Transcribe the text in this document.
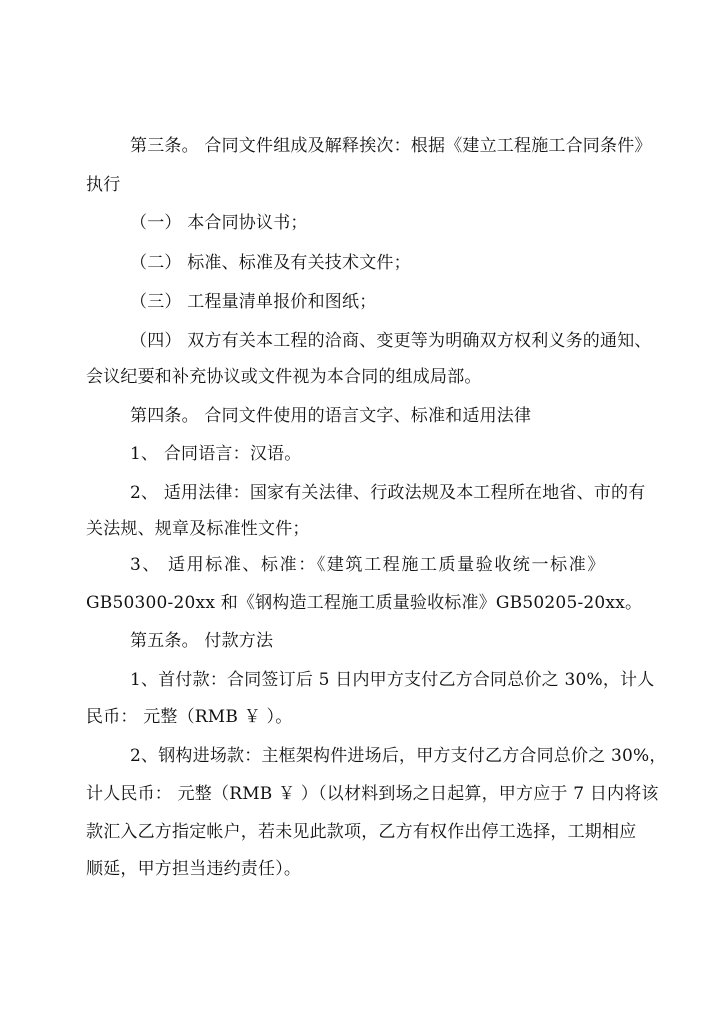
第三条。 合同文件组成及解释挨次：根据《建立工程施工合同条件》
执行
（一） 本合同协议书；
（二） 标准、标准及有关技术文件；
（三） 工程量清单报价和图纸；
（四） 双方有关本工程的洽商、变更等为明确双方权利义务的通知、
会议纪要和补充协议或文件视为本合同的组成局部。
第四条。 合同文件使用的语言文字、标准和适用法律
1、 合同语言：汉语。
2、 适用法律：国家有关法律、行政法规及本工程所在地省、市的有
关法规、规章及标准性文件；
3、 适用标准、标准：《建筑工程施工质量验收统一标准》
GB50300-20xx 和《钢构造工程施工质量验收标准》GB50205-20xx。
第五条。 付款方法
1、首付款：合同签订后 5 日内甲方支付乙方合同总价之 30%，计人
民币： 元整（RMB ￥ ）。
2、钢构进场款：主框架构件进场后，甲方支付乙方合同总价之 30%，
计人民币： 元整（RMB ￥ ）（以材料到场之日起算，甲方应于 7 日内将该
款汇入乙方指定帐户，若未见此款项，乙方有权作出停工选择，工期相应
顺延，甲方担当违约责任）。
